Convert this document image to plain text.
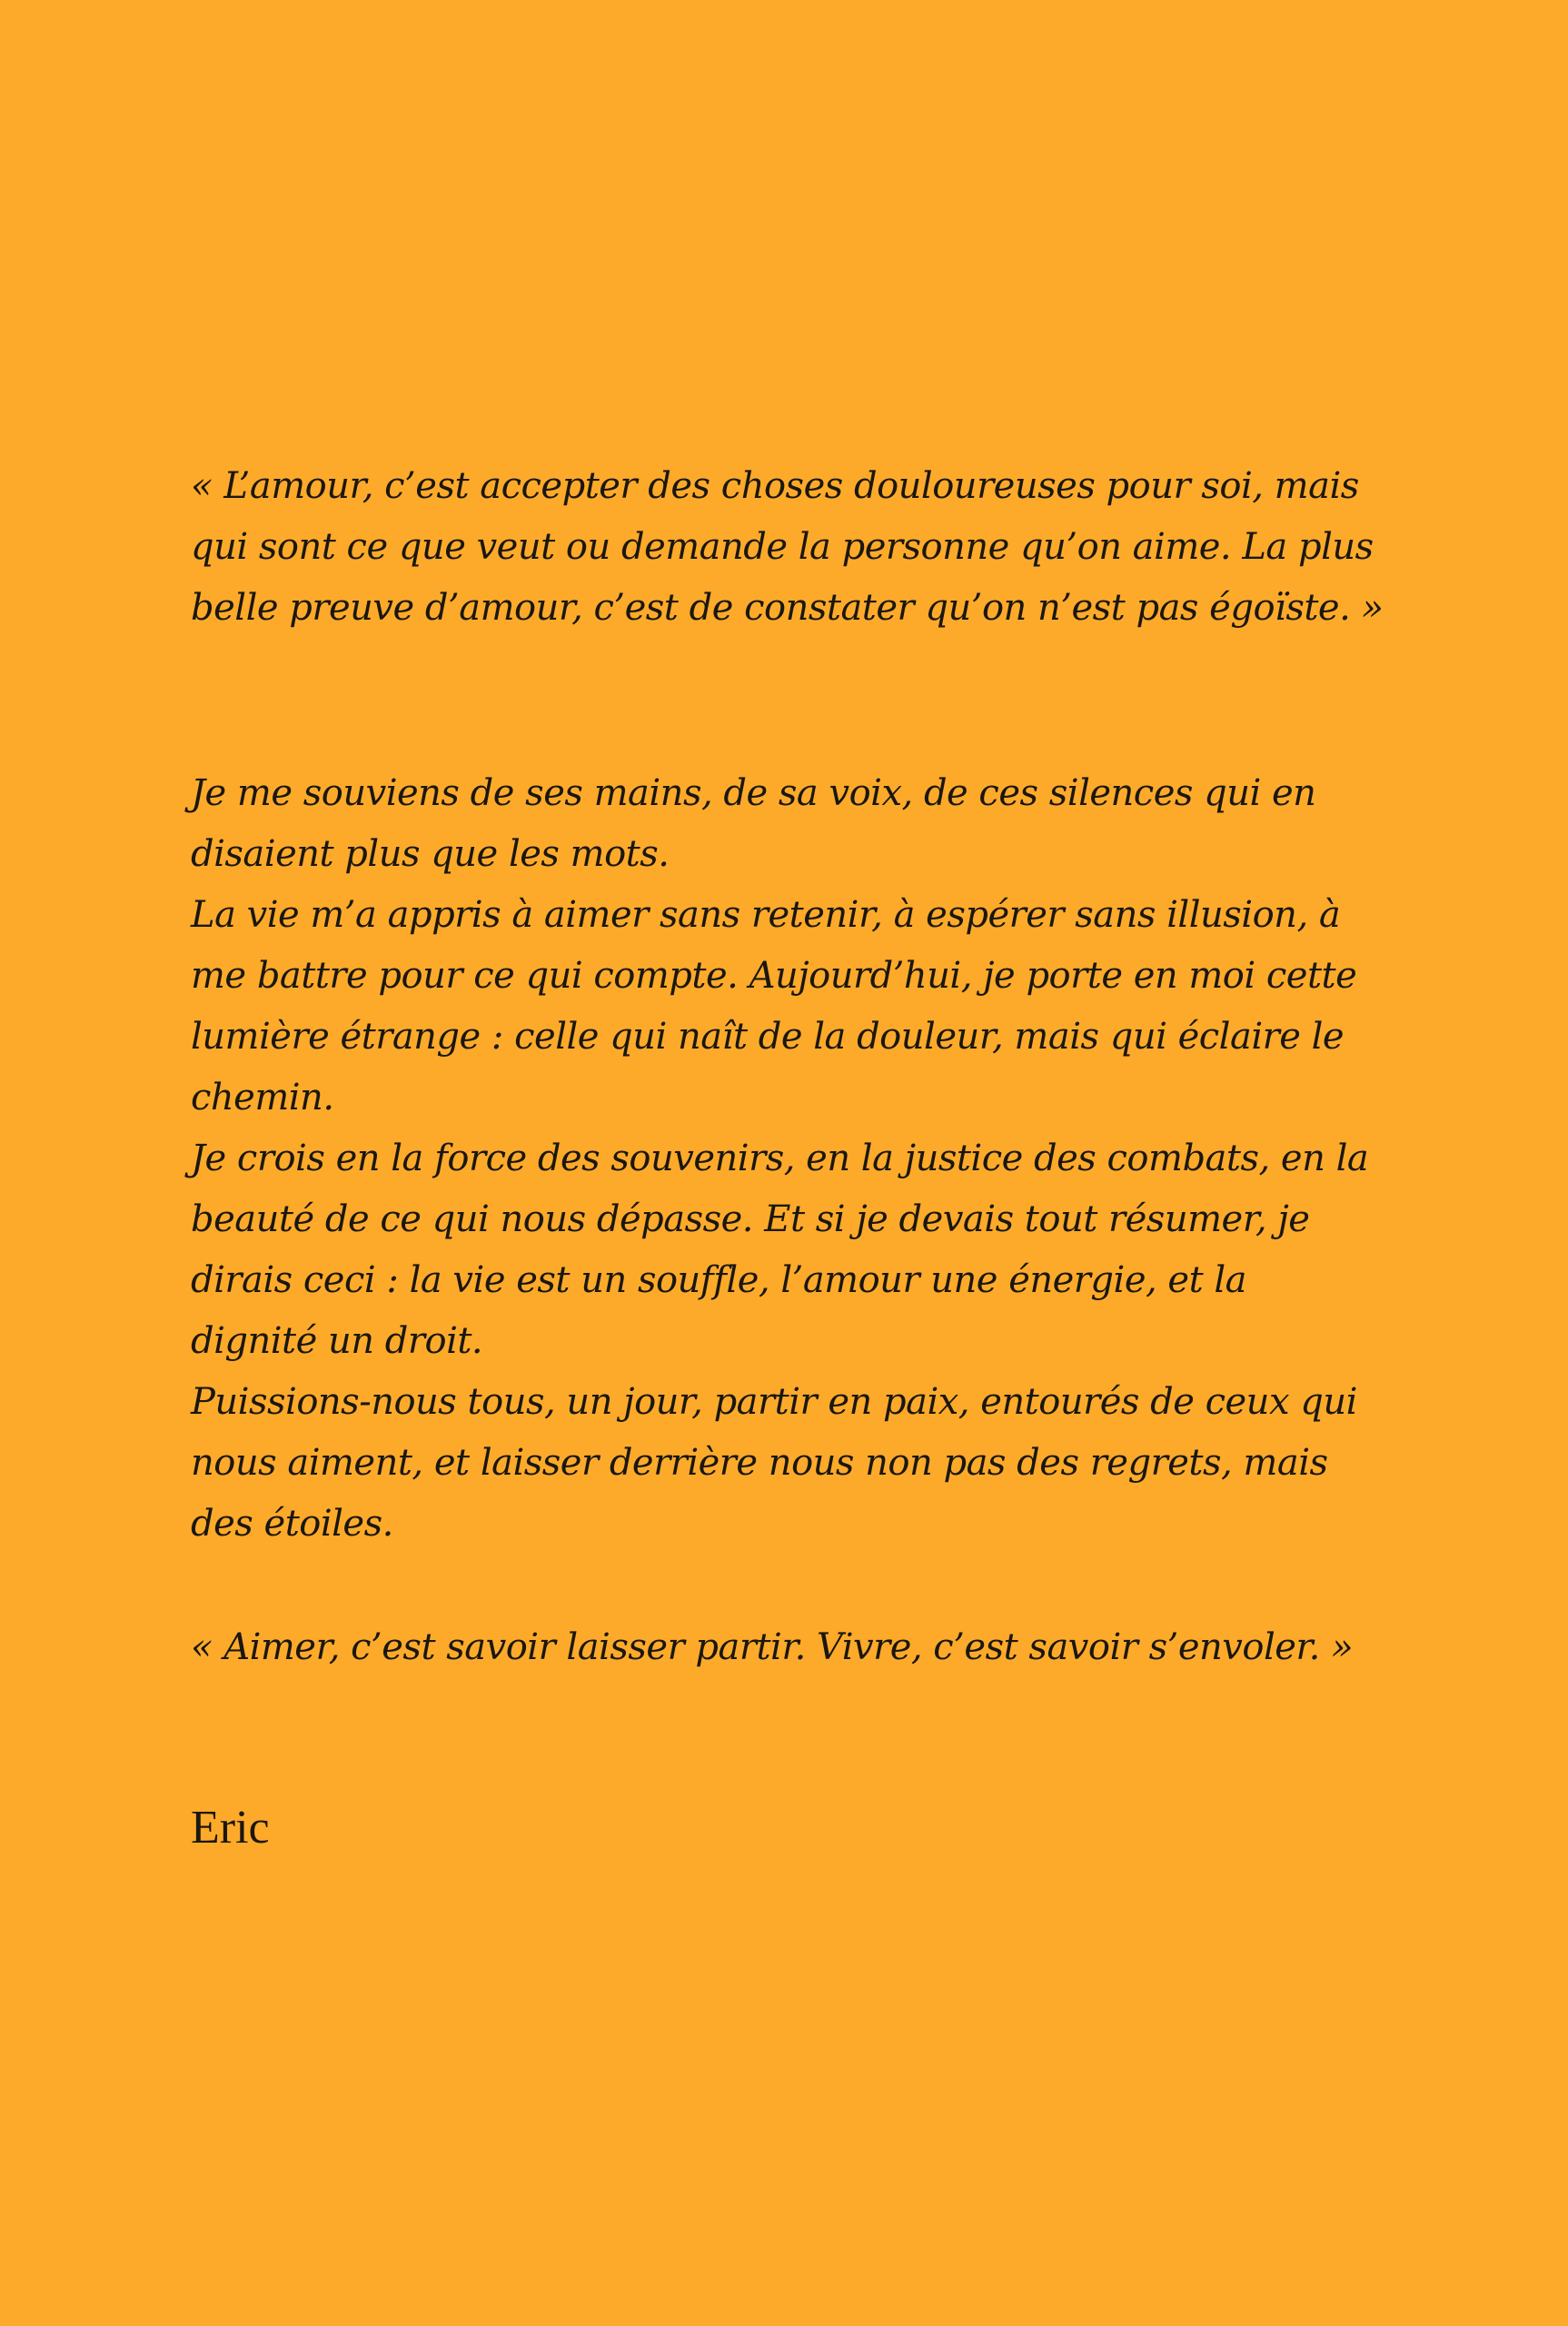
« L’amour, c’est accepter des choses douloureuses pour soi, mais
qui sont ce que veut ou demande la personne qu’on aime. La plus
belle preuve d’amour, c’est de constater qu’on n’est pas égoïste. »
Je me souviens de ses mains, de sa voix, de ces silences qui en
disaient plus que les mots.
La vie m’a appris à aimer sans retenir, à espérer sans illusion, à
me battre pour ce qui compte. Aujourd’hui, je porte en moi cette
lumière étrange : celle qui naît de la douleur, mais qui éclaire le
chemin.
Je crois en la force des souvenirs, en la justice des combats, en la
beauté de ce qui nous dépasse. Et si je devais tout résumer, je
dirais ceci : la vie est un souffle, l’amour une énergie, et la
dignité un droit.
Puissions-nous tous, un jour, partir en paix, entourés de ceux qui
nous aiment, et laisser derrière nous non pas des regrets, mais
des étoiles.
« Aimer, c’est savoir laisser partir. Vivre, c’est savoir s’envoler. »
Eric
